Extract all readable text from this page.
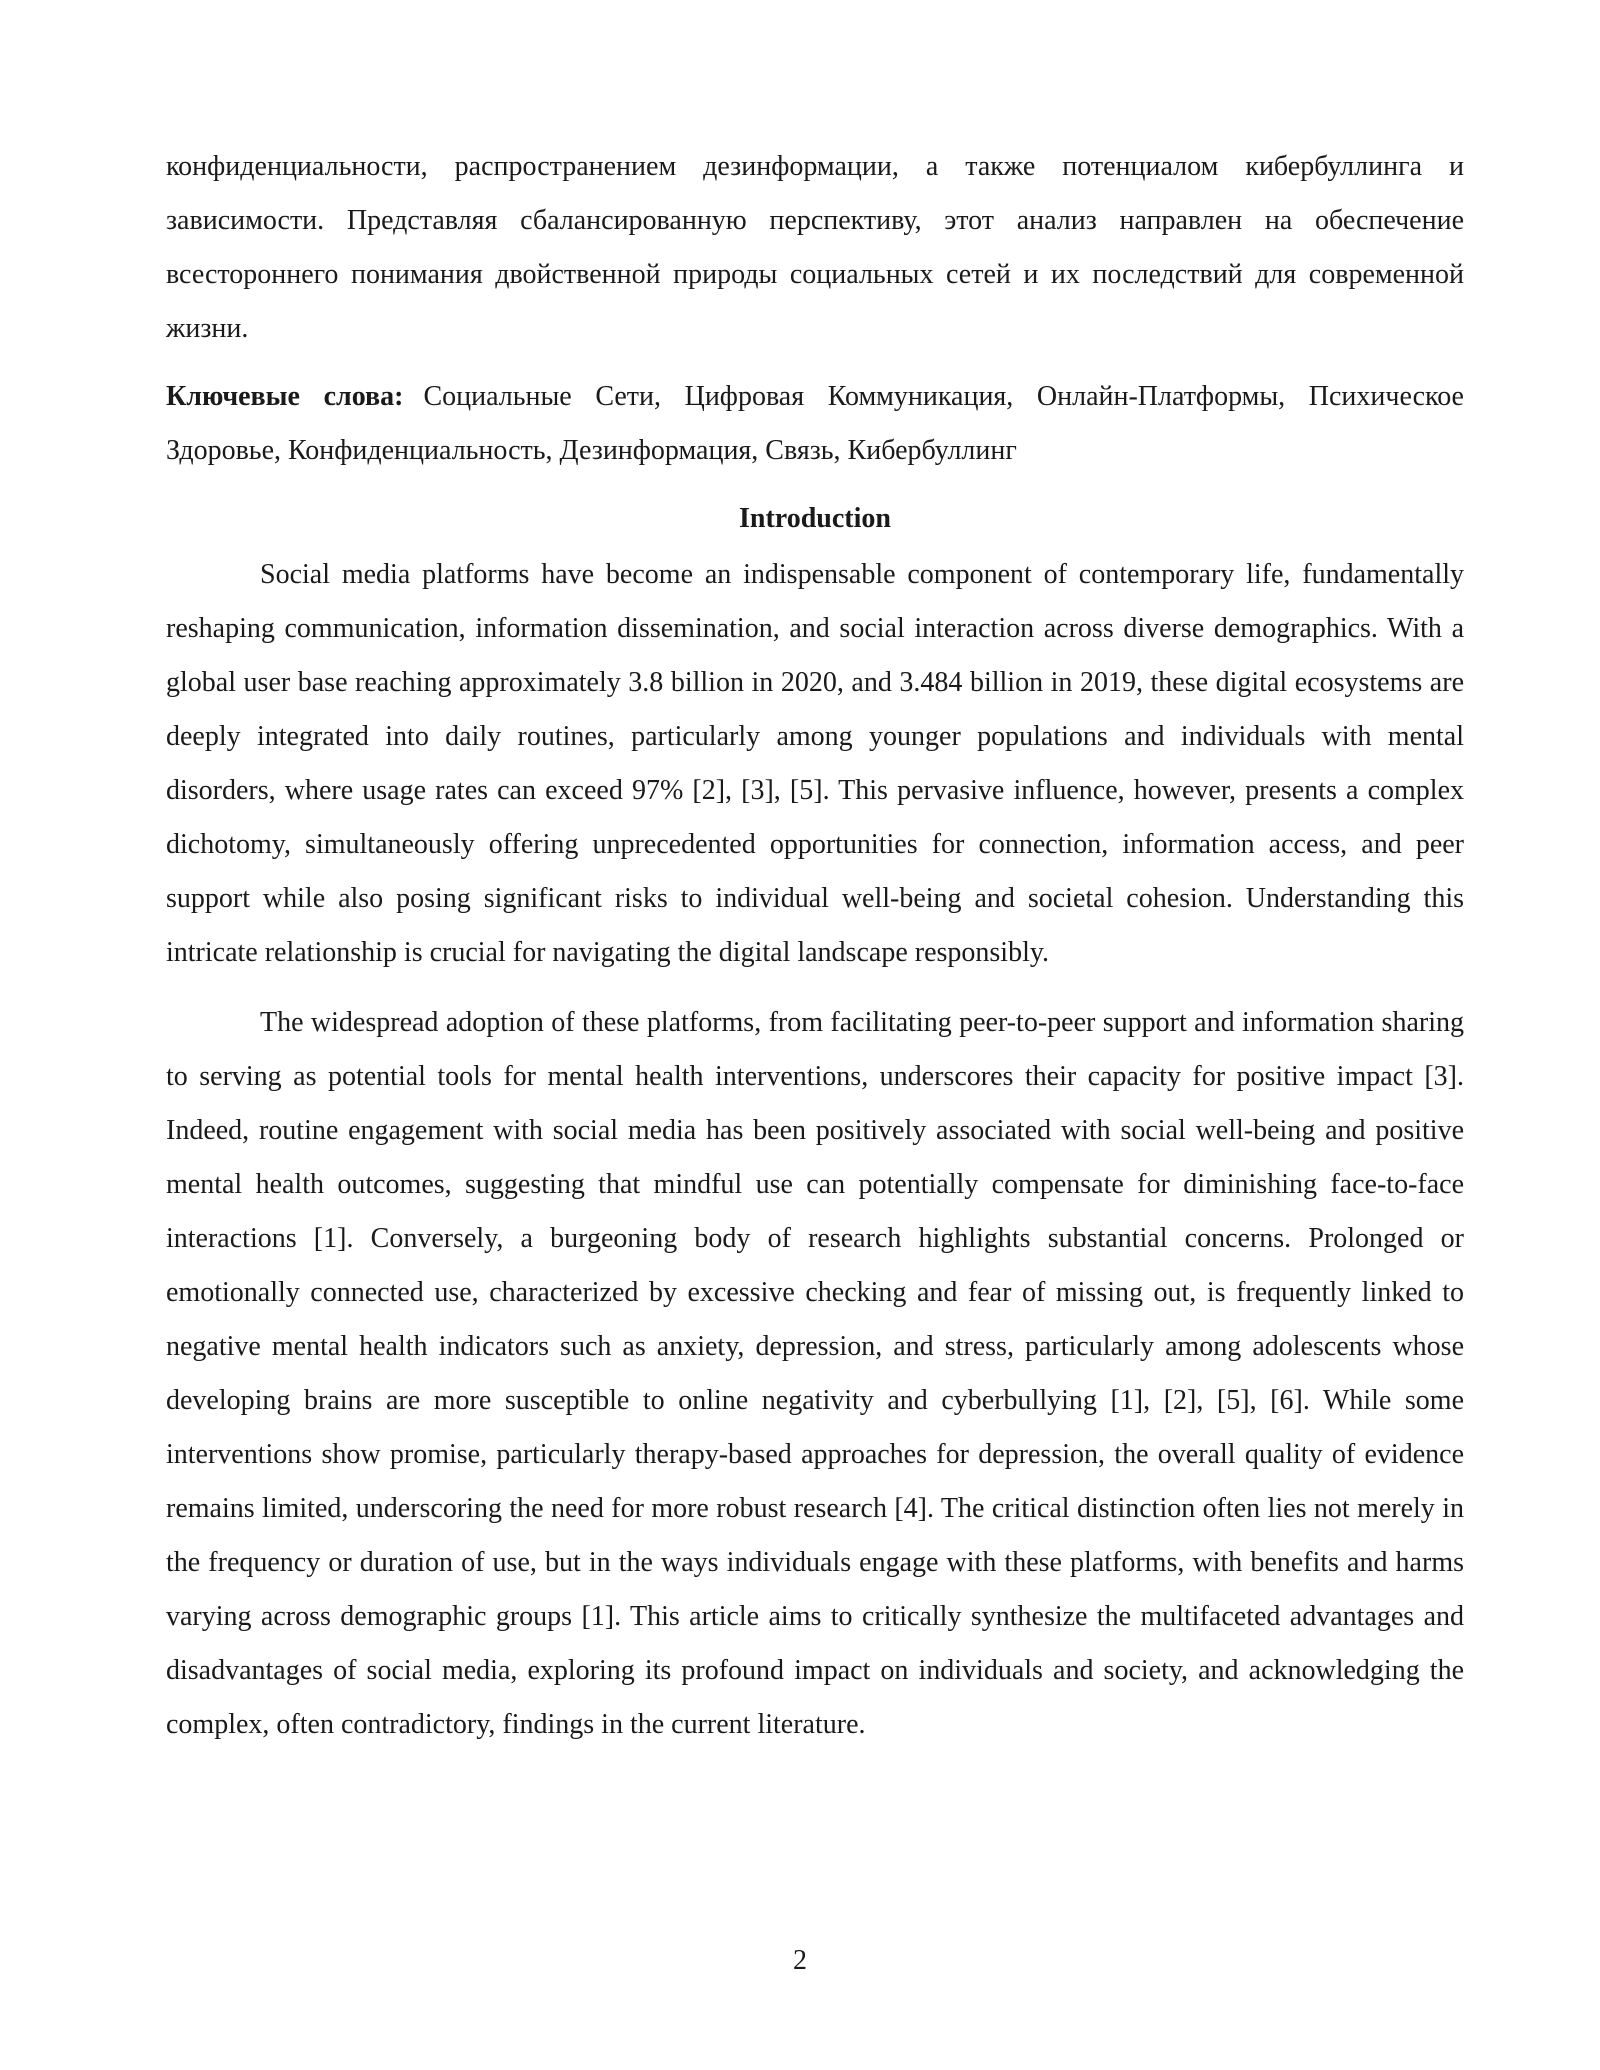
конфиденциальности, распространением дезинформации, а также потенциалом кибербуллинга и зависимости. Представляя сбалансированную перспективу, этот анализ направлен на обеспечение всестороннего понимания двойственной природы социальных сетей и их последствий для современной жизни.

Ключевые слова: Социальные Сети, Цифровая Коммуникация, Онлайн-Платформы, Психическое Здоровье, Конфиденциальность, Дезинформация, Связь, Кибербуллинг

Introduction

Social media platforms have become an indispensable component of contemporary life, fundamentally reshaping communication, information dissemination, and social interaction across diverse demographics. With a global user base reaching approximately 3.8 billion in 2020, and 3.484 billion in 2019, these digital ecosystems are deeply integrated into daily routines, particularly among younger populations and individuals with mental disorders, where usage rates can exceed 97% [2], [3], [5]. This pervasive influence, however, presents a complex dichotomy, simultaneously offering unprecedented opportunities for connection, information access, and peer support while also posing significant risks to individual well-being and societal cohesion. Understanding this intricate relationship is crucial for navigating the digital landscape responsibly.

The widespread adoption of these platforms, from facilitating peer-to-peer support and information sharing to serving as potential tools for mental health interventions, underscores their capacity for positive impact [3]. Indeed, routine engagement with social media has been positively associated with social well-being and positive mental health outcomes, suggesting that mindful use can potentially compensate for diminishing face-to-face interactions [1]. Conversely, a burgeoning body of research highlights substantial concerns. Prolonged or emotionally connected use, characterized by excessive checking and fear of missing out, is frequently linked to negative mental health indicators such as anxiety, depression, and stress, particularly among adolescents whose developing brains are more susceptible to online negativity and cyberbullying [1], [2], [5], [6]. While some interventions show promise, particularly therapy-based approaches for depression, the overall quality of evidence remains limited, underscoring the need for more robust research [4]. The critical distinction often lies not merely in the frequency or duration of use, but in the ways individuals engage with these platforms, with benefits and harms varying across demographic groups [1]. This article aims to critically synthesize the multifaceted advantages and disadvantages of social media, exploring its profound impact on individuals and society, and acknowledging the complex, often contradictory, findings in the current literature.

2
